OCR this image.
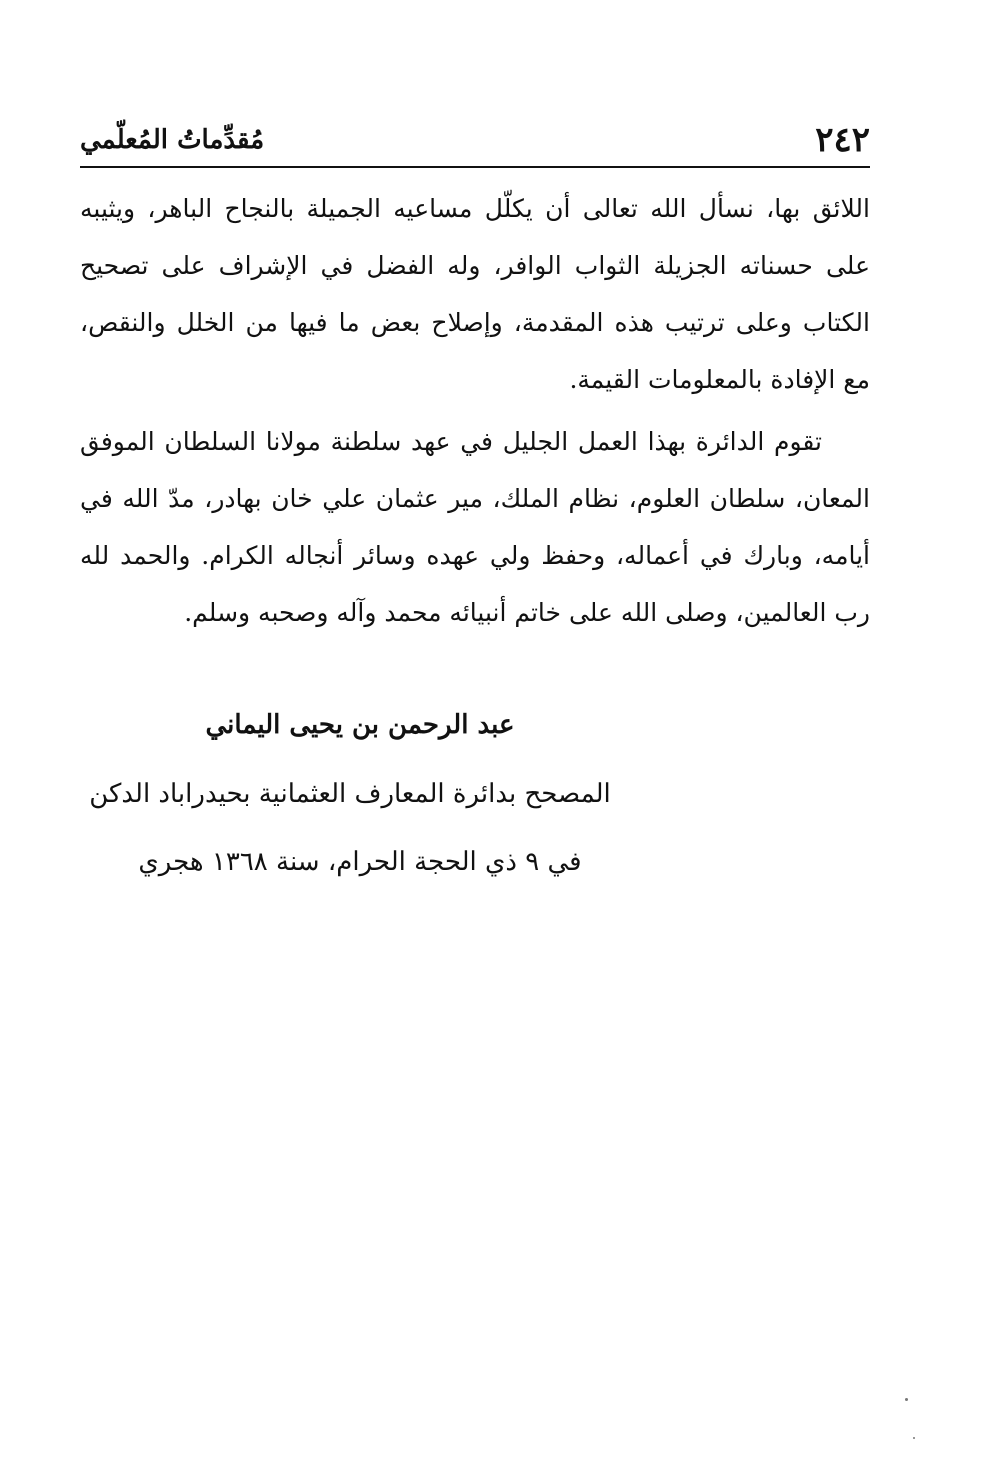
٢٤٢
مُقدِّماتُ المُعلّمي

اللائق بها، نسأل الله تعالى أن يكلّل مساعيه الجميلة بالنجاح الباهر، ويثيبه على حسناته الجزيلة الثواب الوافر، وله الفضل في الإشراف على تصحيح الكتاب وعلى ترتيب هذه المقدمة، وإصلاح بعض ما فيها من الخلل والنقص، مع الإفادة بالمعلومات القيمة.

تقوم الدائرة بهذا العمل الجليل في عهد سلطنة مولانا السلطان الموفق المعان، سلطان العلوم، نظام الملك، مير عثمان علي خان بهادر، مدّ الله في أيامه، وبارك في أعماله، وحفظ ولي عهده وسائر أنجاله الكرام. والحمد لله رب العالمين، وصلى الله على خاتم أنبيائه محمد وآله وصحبه وسلم.

عبد الرحمن بن يحيى اليماني
المصحح بدائرة المعارف العثمانية بحيدراباد الدكن
في ٩ ذي الحجة الحرام، سنة ١٣٦٨ هجري
